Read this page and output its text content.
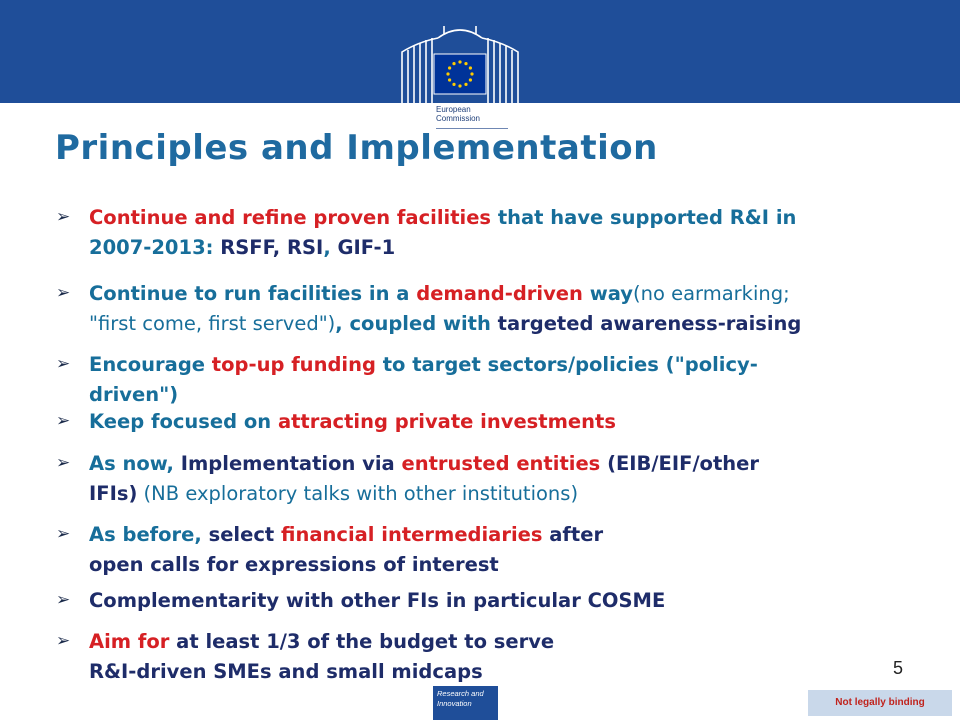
European
Commission
Principles and Implementation
➢ Continue and refine proven facilities that have supported R&I in
2007-2013: RSFF, RSI, GIF-1
➢ Continue to run facilities in a demand-driven way(no earmarking;
"first come, first served"), coupled with targeted awareness-raising
➢ Encourage top-up funding to target sectors/policies ("policy-
driven")
➢ Keep focused on attracting private investments
➢ As now, Implementation via entrusted entities (EIB/EIF/other
IFIs) (NB exploratory talks with other institutions)
➢ As before, select financial intermediaries after
open calls for expressions of interest
➢ Complementarity with other FIs in particular COSME
➢ Aim for at least 1/3 of the budget to serve
R&I-driven SMEs and small midcaps	5
Research and
Innovation	Not legally binding
